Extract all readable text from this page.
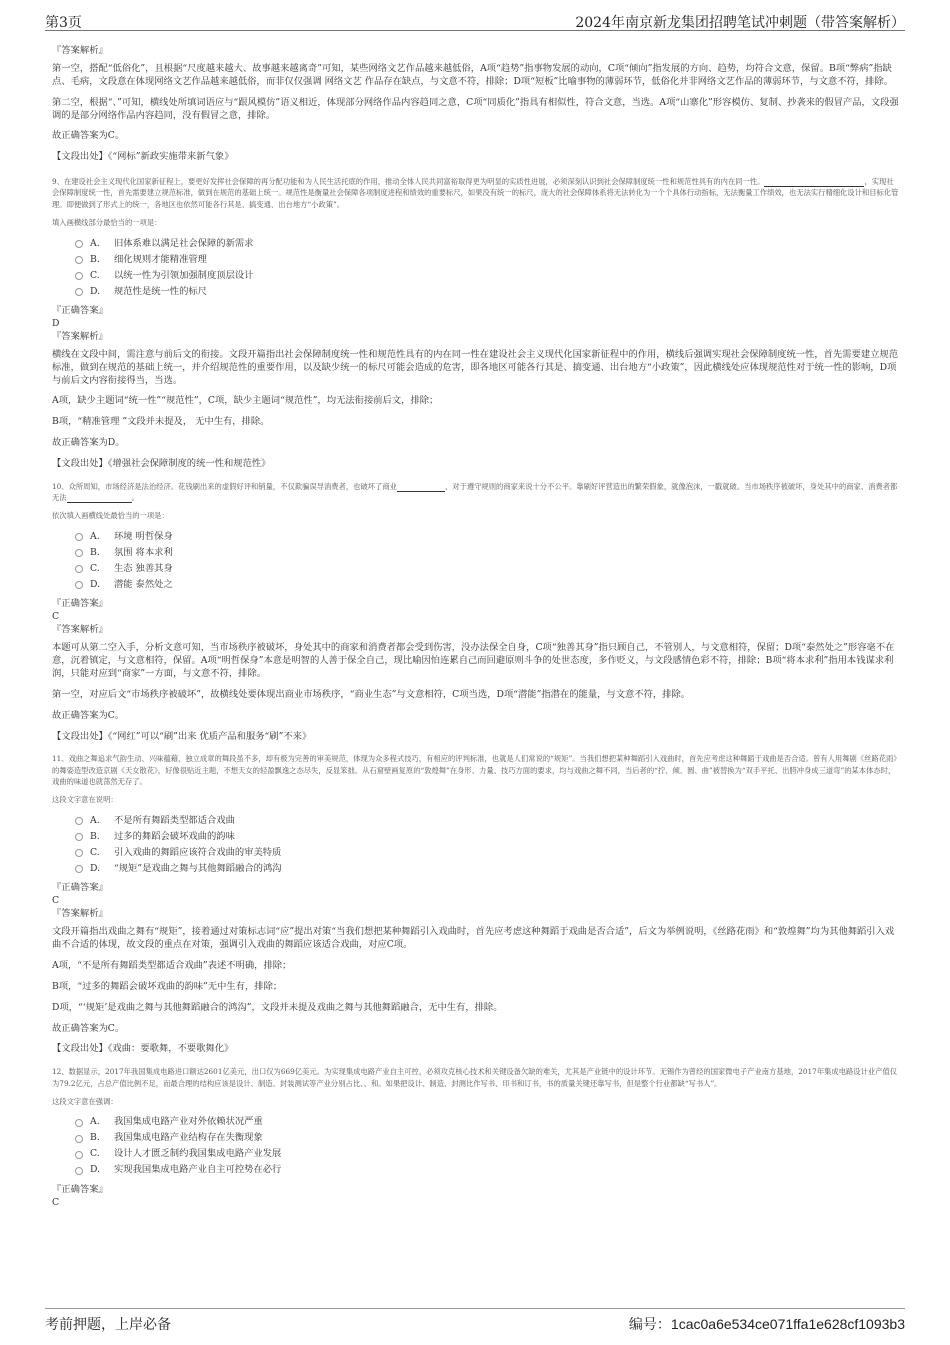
第3页	2024年南京新龙集团招聘笔试冲刺题（带答案解析）

『答案解析』

第一空，搭配“低俗化”，且根据“尺度越来越大、故事越来越离奇”可知，某些网络文艺作品越来越低俗，A项“趋势”指事物发展的动向，C项“倾向”指发展的方向、趋势，均符合文意，保留。B项“弊病”指缺点、毛病，文段意在体现网络文艺作品越来越低俗，而非仅仅强调 网络文艺 作品存在缺点，与文意不符，排除；D项“短板”比喻事物的薄弱环节，低俗化并非网络文艺作品的薄弱环节，与文意不符，排除。

第二空，根据“、”可知，横线处所填词语应与“跟风模仿”语义相近，体现部分网络作品内容趋同之意，C项“同质化”指具有相似性，符合文意，当选。A项“山寨化”形容模仿、复制、抄袭来的假冒产品，文段强调的是部分网络作品内容趋同，没有假冒之意，排除。

故正确答案为C。

【文段出处】《“网标”新政实施带来新气象》

9、在建设社会主义现代化国家新征程上，要更好发挥社会保障的再分配功能和为人民生活托底的作用，推动全体人民共同富裕取得更为明显的实质性进展，必须深刻认识到社会保障制度统一性和规范性具有的内在同一性。	，实现社会保障制度统一性，首先需要建立规范标准，做到在规范的基础上统一。规范性是衡量社会保障各项制度进程和绩效的重要标尺，如果没有统一的标尺，庞大的社会保障体系将无法转化为一个个具体行动指标，无法衡量工作绩效，也无法实行精细化设计和目标化管理。即便做到了形式上的统一，各地区也依然可能各行其是、搞变通、出台地方“小政策”。

填入画横线部分最恰当的一项是：

A.	旧体系难以满足社会保障的新需求
B.	细化规则才能精准管理
C.	以统一性为引领加强制度顶层设计
D.	规范性是统一性的标尺

『正确答案』

D

『答案解析』

横线在文段中间，需注意与前后文的衔接。文段开篇指出社会保障制度统一性和规范性具有的内在同一性在建设社会主义现代化国家新征程中的作用，横线后强调实现社会保障制度统一性，首先需要建立规范标准，做到在规范的基础上统一，并介绍规范性的重要作用，以及缺少统一的标尺可能会造成的危害，即各地区可能各行其是、搞变通、出台地方“小政策”，因此横线处应体现规范性对于统一性的影响，D项与前后文内容衔接得当，当选。

A项，缺少主题词“统一性”“规范性”，C项，缺少主题词“规范性”，均无法衔接前后文，排除；

B项，“精准管理 ”文段并未提及， 无中生有，排除。

故正确答案为D。

【文段出处】《增强社会保障制度的统一性和规范性》

10、众所周知，市场经济是法治经济。花钱刷出来的虚假好评和销量，不仅欺骗误导消费者，也破坏了商业	，对于遵守规则的商家来说十分不公平。靠刷好评营造出的繁荣假象，就像泡沫，一戳就破。当市场秩序被破坏，身处其中的商家、消费者都无法	。

依次填入画横线处最恰当的一项是：

A.	环境 明哲保身
B.	氛围 将本求利
C.	生态 独善其身
D.	潜能 泰然处之

『正确答案』

C

『答案解析』

本题可从第二空入手，分析文意可知，当市场秩序被破坏，身处其中的商家和消费者都会受到伤害，没办法保全自身，C项“独善其身”指只顾自己，不管别人，与文意相符，保留；D项“泰然处之”形容毫不在意，沉着镇定，与文意相符，保留。A项“明哲保身”本意是明智的人善于保全自己，现比喻因怕连累自己而回避原则斗争的处世态度，多作贬义，与文段感情色彩不符，排除；B项“将本求利”指用本钱谋求利润，只能对应到“商家”一方面，与文意不符，排除。

第一空，对应后文“市场秩序被破坏”，故横线处要体现出商业市场秩序，“商业生态”与文意相符，C项当选，D项“潜能”指潜在的能量，与文意不符，排除。

故正确答案为C。

【文段出处】《“网红”可以“刷”出来 优质产品和服务“刷”不来》

11、戏曲之舞追求气韵生动、兴味蕴藉，独立成章的舞段虽不多，却有极为完善的审美规范，体现为众多程式技巧，有相应的评判标准，也就是人们常说的“规矩”。当我们想把某种舞蹈引入戏曲时，首先应考虑这种舞蹈于戏曲是否合适。曾有人用舞剧《丝路花雨》的舞姿造型改造京剧《天女散花》，好像很贴近主题，不想天女的轻盈飘逸之态尽失，反显笨拙。从石窟壁画复原的“敦煌舞”在身形、力量、技巧方面的要求，均与戏曲之舞不同，当后者的“拧、倾、圆、曲”被替换为“双手平托、出胯冲身成三道弯”的某本体态时，戏曲的味道也就荡然无存了。

这段文字意在说明：

A.	不是所有舞蹈类型都适合戏曲
B.	过多的舞蹈会破坏戏曲的韵味
C.	引入戏曲的舞蹈应该符合戏曲的审美特质
D.	“规矩”是戏曲之舞与其他舞蹈融合的鸿沟

『正确答案』

C

『答案解析』

文段开篇指出戏曲之舞有“规矩”，接着通过对策标志词“应”提出对策“当我们想把某种舞蹈引入戏曲时，首先应考虑这种舞蹈于戏曲是否合适”，后文为举例说明，《丝路花雨》和“敦煌舞”均为其他舞蹈引入戏曲不合适的体现，故文段的重点在对策，强调引入戏曲的舞蹈应该适合戏曲，对应C项。

A项，“不是所有舞蹈类型都适合戏曲”表述不明确，排除；

B项，“过多的舞蹈会破坏戏曲的韵味”无中生有，排除；

D项，“‘规矩’是戏曲之舞与其他舞蹈融合的鸿沟”，文段并未提及戏曲之舞与其他舞蹈融合，无中生有，排除。

故正确答案为C。

【文段出处】《戏曲：要歌舞，不要歌舞化》

12、数据显示，2017年我国集成电路进口额达2601亿美元，出口仅为669亿美元。为实现集成电路产业自主可控，必须攻克核心技术和关键设备欠缺的难关，尤其是产业链中的设计环节。无锡作为曾经的国家微电子产业南方基地，2017年集成电路设计业产值仅为79.2亿元，占总产值比例不足，而最合理的结构应该是设计、制造、封装测试等产业分别占比、、和。如果把设计、制造、封测比作写书、印书和订书，书的质量关键还靠写书，但是整个行业都缺“写书人”。

这段文字意在强调：

A.	我国集成电路产业对外依赖状况严重
B.	我国集成电路产业结构存在失衡现象
C.	设计人才匮乏制约我国集成电路产业发展
D.	实现我国集成电路产业自主可控势在必行

『正确答案』

C

考前押题，上岸必备	编号：1cac0a6e534ce071ffa1e628cf1093b3
